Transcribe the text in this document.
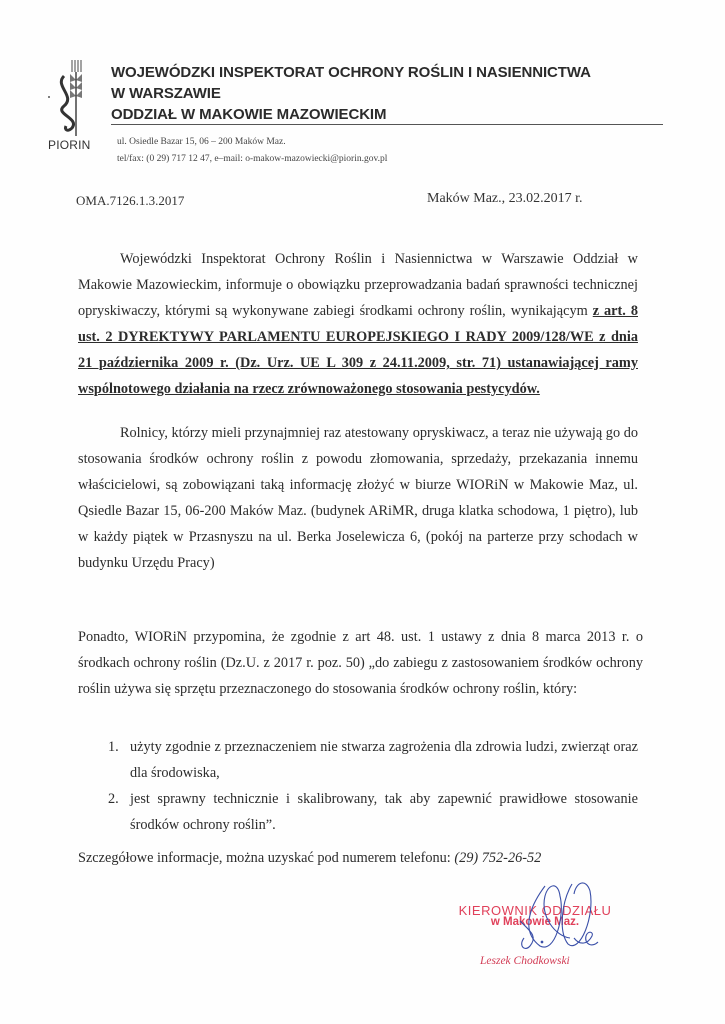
PIORIN
WOJEWÓDZKI INSPEKTORAT OCHRONY ROŚLIN I NASIENNICTWA
W WARSZAWIE
ODDZIAŁ W MAKOWIE MAZOWIECKIM
ul. Osiedle Bazar 15, 06 – 200 Maków Maz.
tel/fax: (0 29) 717 12 47, e–mail: o-makow-mazowiecki@piorin.gov.pl
OMA.7126.1.3.2017	Maków Maz., 23.02.2017 r.
Wojewódzki Inspektorat Ochrony Roślin i Nasiennictwa w Warszawie Oddział w Makowie Mazowieckim, informuje o obowiązku przeprowadzania badań sprawności technicznej opryskiwaczy, którymi są wykonywane zabiegi środkami ochrony roślin, wynikającym z art. 8 ust. 2 DYREKTYWY PARLAMENTU EUROPEJSKIEGO I RADY 2009/128/WE z dnia 21 października 2009 r. (Dz. Urz. UE L 309 z 24.11.2009, str. 71) ustanawiającej ramy wspólnotowego działania na rzecz zrównoważonego stosowania pestycydów.
Rolnicy, którzy mieli przynajmniej raz atestowany opryskiwacz, a teraz nie używają go do stosowania środków ochrony roślin z powodu złomowania, sprzedaży, przekazania innemu właścicielowi, są zobowiązani taką informację złożyć w biurze WIORiN w Makowie Maz, ul. Qsiedle Bazar 15, 06-200 Maków Maz. (budynek ARiMR, druga klatka schodowa, 1 piętro), lub w każdy piątek w Przasnyszu na ul. Berka Joselewicza 6, (pokój na parterze przy schodach w budynku Urzędu Pracy)
Ponadto, WIORiN przypomina, że zgodnie z art 48. ust. 1 ustawy z dnia 8 marca 2013 r. o środkach ochrony roślin (Dz.U. z 2017 r. poz. 50) „do zabiegu z zastosowaniem środków ochrony roślin używa się sprzętu przeznaczonego do stosowania środków ochrony roślin, który:
1. użyty zgodnie z przeznaczeniem nie stwarza zagrożenia dla zdrowia ludzi, zwierząt oraz dla środowiska,
2. jest sprawny technicznie i skalibrowany, tak aby zapewnić prawidłowe stosowanie środków ochrony roślin”.
Szczegółowe informacje, można uzyskać pod numerem telefonu: (29) 752-26-52
KIEROWNIK ODDZIAŁU
w Makowie Maz.
Leszek Chodkowski
